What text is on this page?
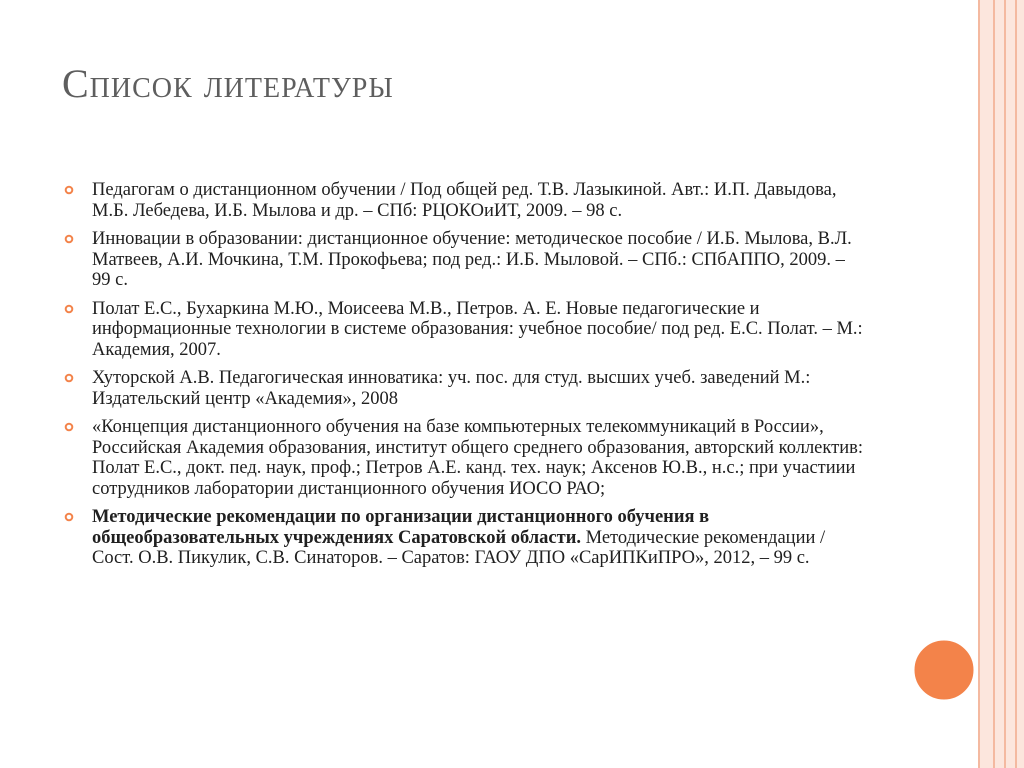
Список литературы
Педагогам о дистанционном обучении / Под общей ред. Т.В. Лазыкиной. Авт.: И.П. Давыдова, М.Б. Лебедева, И.Б. Мылова и др. – СПб: РЦОКОиИТ, 2009. – 98 с.
Инновации в образовании: дистанционное обучение: методическое пособие / И.Б. Мылова, В.Л. Матвеев, А.И. Мочкина, Т.М. Прокофьева; под ред.: И.Б. Мыловой. – СПб.: СПбАППО, 2009. – 99 с.
Полат Е.С., Бухаркина М.Ю., Моисеева М.В., Петров. А. Е. Новые педагогические и информационные технологии в системе образования: учебное пособие/ под ред. Е.С. Полат. – М.: Академия, 2007.
Хуторской А.В. Педагогическая инноватика: уч. пос. для студ. высших учеб. заведений М.: Издательский центр «Академия», 2008
«Концепция дистанционного обучения на базе компьютерных телекоммуникаций в России», Российская Академия образования, институт общего среднего образования, авторский коллектив: Полат Е.С., докт. пед. наук, проф.; Петров А.Е. канд. тех. наук; Аксенов Ю.В., н.с.; при участиии сотрудников лаборатории дистанционного обучения ИОСО РАО;
Методические рекомендации по организации дистанционного обучения в общеобразовательных учреждениях Саратовской области. Методические рекомендации / Сост. О.В. Пикулик, С.В. Синаторов. – Саратов: ГАОУ ДПО «СарИПКиПРО», 2012, – 99 с.
